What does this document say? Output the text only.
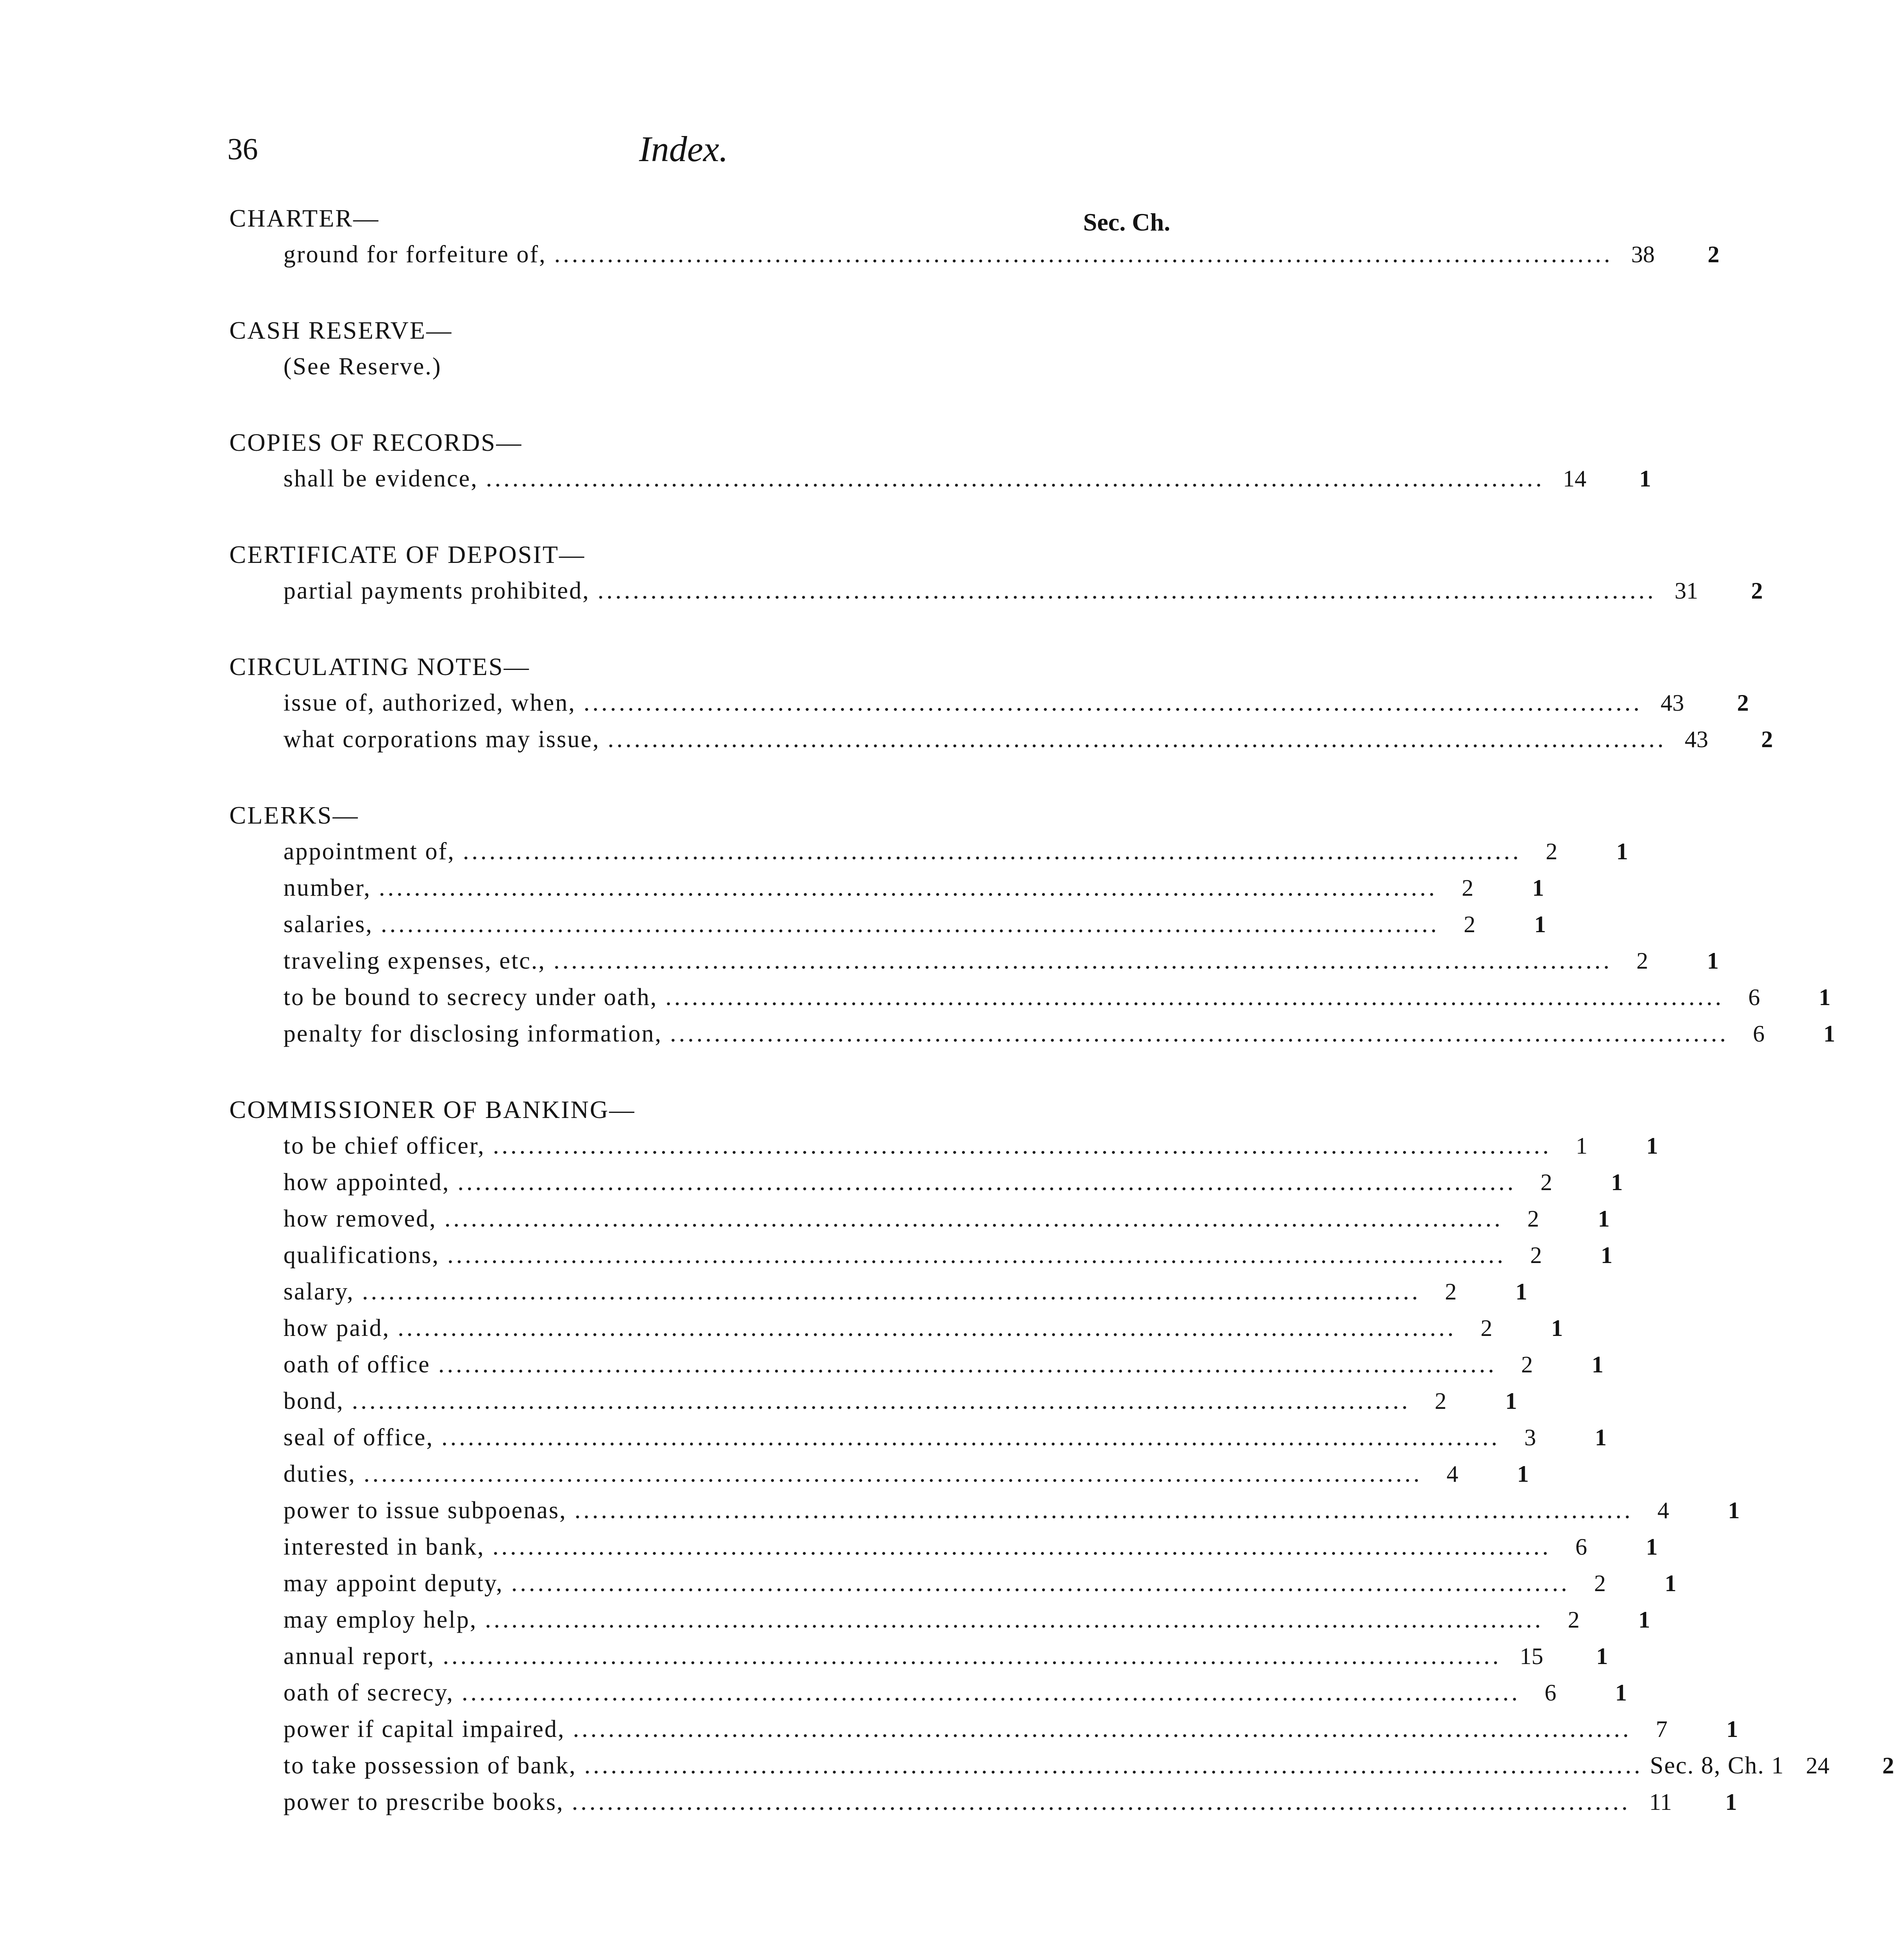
36	Index.
CHARTER—	Sec. Ch.
ground for forfeiture of, ........................................................................................................................ 38	2
CASH RESERVE—
(See Reserve.)
COPIES OF RECORDS—
shall be evidence, ........................................................................................................................ 14	1
CERTIFICATE OF DEPOSIT—
partial payments prohibited, ........................................................................................................................ 31	2
CIRCULATING NOTES—
issue of, authorized, when, ........................................................................................................................ 43	2
what corporations may issue, ........................................................................................................................ 43	2
CLERKS—
appointment of, ........................................................................................................................	2	1
number, ........................................................................................................................	2	1
salaries, ........................................................................................................................	2	1
traveling expenses, etc., ........................................................................................................................	2	1
to be bound to secrecy under oath, ........................................................................................................................	6	1
penalty for disclosing information, ........................................................................................................................	6	1
COMMISSIONER OF BANKING—
to be chief officer, ........................................................................................................................	1	1
how appointed, ........................................................................................................................	2	1
how removed, ........................................................................................................................	2	1
qualifications, ........................................................................................................................	2	1
salary, ........................................................................................................................	2	1
how paid, ........................................................................................................................	2	1
oath of office ........................................................................................................................	2	1
bond, ........................................................................................................................	2	1
seal of office, ........................................................................................................................	3	1
duties, ........................................................................................................................	4	1
power to issue subpoenas, ........................................................................................................................	4	1
interested in bank, ........................................................................................................................	6	1
may appoint deputy, ........................................................................................................................	2	1
may employ help, ........................................................................................................................	2	1
annual report, ........................................................................................................................ 15	1
oath of secrecy, ........................................................................................................................	6	1
power if capital impaired, ........................................................................................................................	7	1
to take possession of bank, ........................................................................................................................ Sec. 8, Ch. 1 24	2
power to prescribe books, ........................................................................................................................ 11	1
